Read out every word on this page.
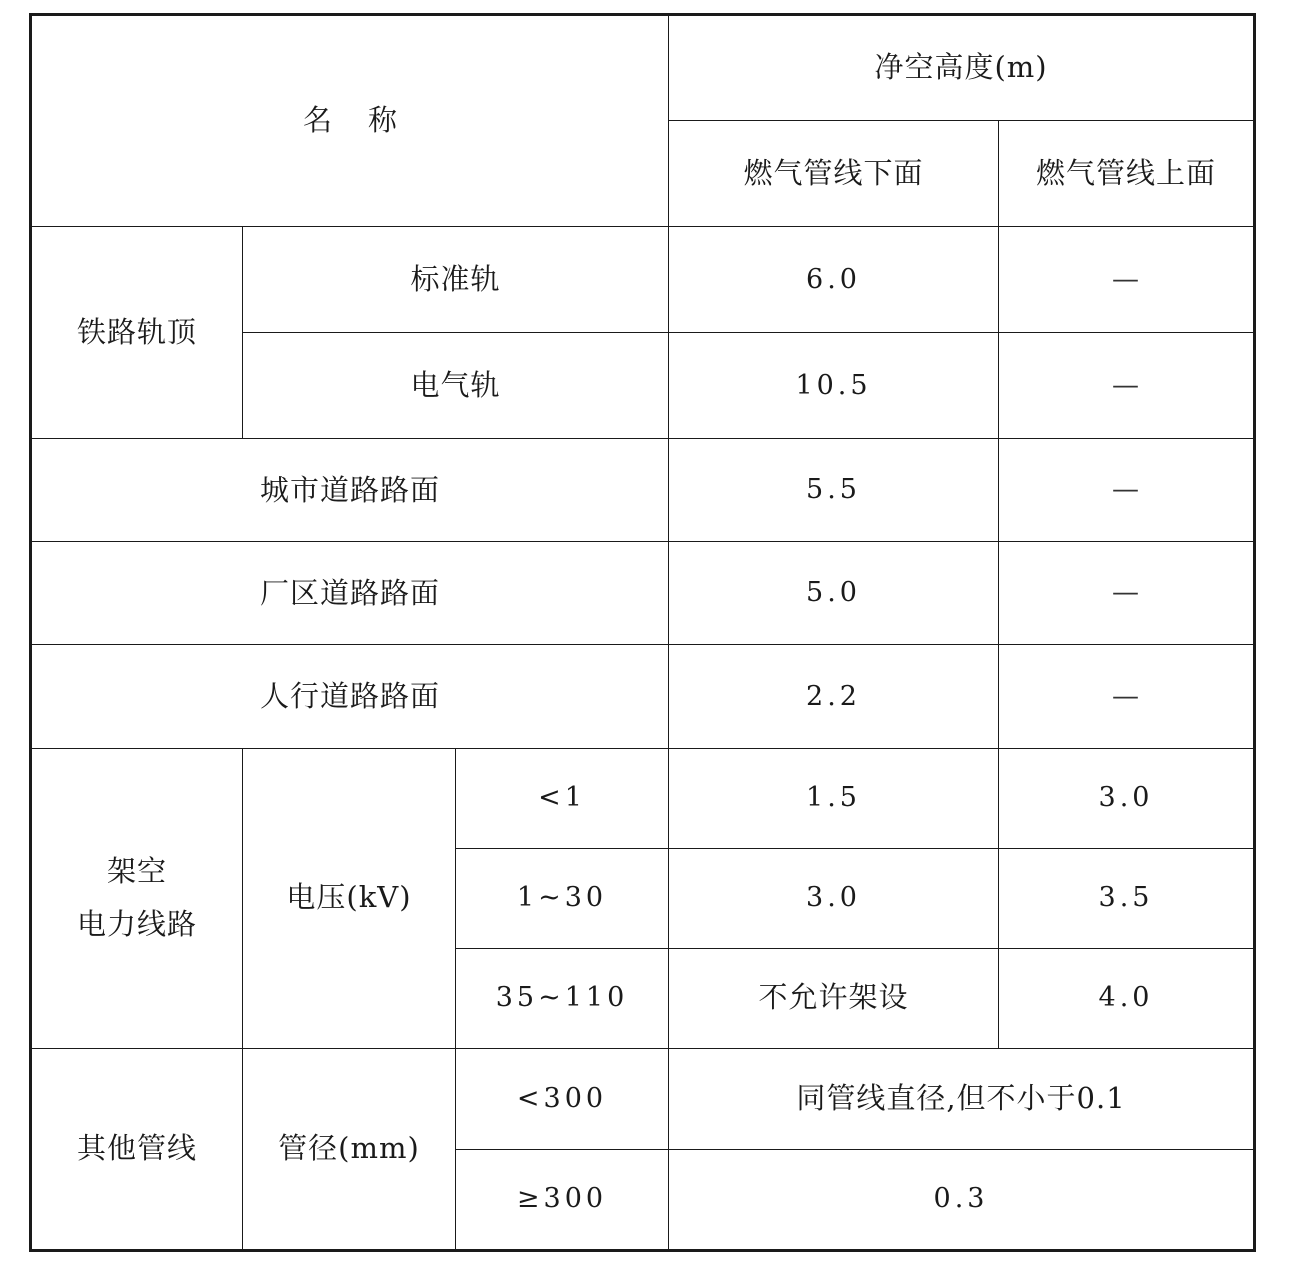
名称			净空高度(m)	
			燃气管线下面	燃气管线上面
铁路轨顶	标准轨		6.0	—
	电气轨		10.5	—
城市道路路面			5.5	—
厂区道路路面			5.0	—
人行道路路面			2.2	—

架空
电力线路	电压(kV)	<1	1.5	3.0
		1~30	3.0	3.5
		35~110	不允许架设	4.0
其他管线	管径(mm)	<300	同管线直径,但不小于0.1	
		≥300	0.3	
